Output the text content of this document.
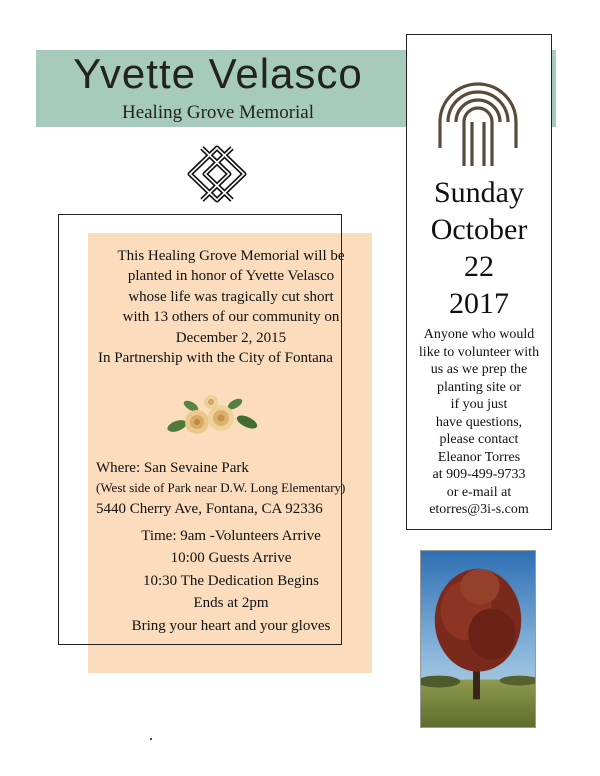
Yvette Velasco
Healing Grove Memorial
Sunday
October
22
2017
Anyone who would
like to volunteer with
us as we prep the
planting site or
if you just
have questions,
please contact
Eleanor Torres
at 909-499-9733
or e-mail at
etorres@3i-s.com
This Healing Grove Memorial will be
planted in honor of Yvette Velasco
whose life was tragically cut short
with 13 others of our community on
December 2, 2015
In Partnership with the City of Fontana
Where: San Sevaine Park
(West side of Park near D.W. Long Elementary)
5440 Cherry Ave, Fontana, CA 92336
Time: 9am -Volunteers Arrive
10:00 Guests Arrive
10:30 The Dedication Begins
Ends at 2pm
Bring your heart and your gloves
